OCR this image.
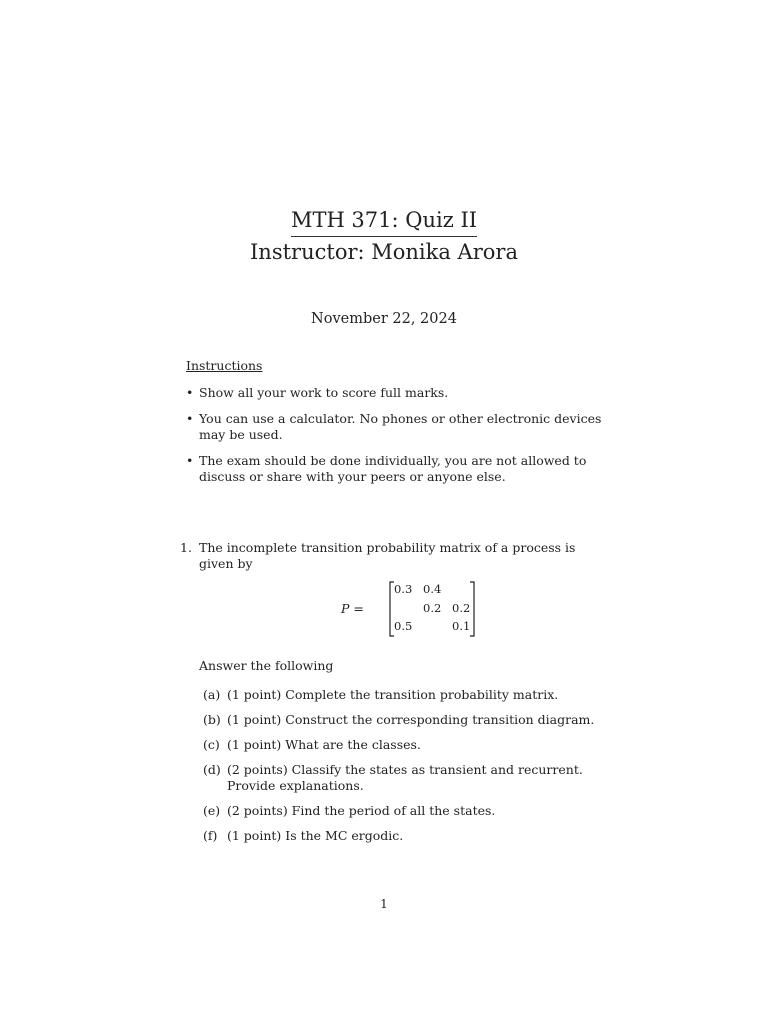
MTH 371: Quiz II
Instructor: Monika Arora
November 22, 2024
Instructions
• Show all your work to score full marks.
• You can use a calculator. No phones or other electronic devices may be used.
• The exam should be done individually, you are not allowed to discuss or share with your peers or anyone else.
1. The incomplete transition probability matrix of a process is given by
P =
0.3 0.4
0.2 0.2
0.5	0.1
Answer the following
(a) (1 point) Complete the transition probability matrix.
(b) (1 point) Construct the corresponding transition diagram.
(c) (1 point) What are the classes.
(d) (2 points) Classify the states as transient and recurrent. Provide explanations.
(e) (2 points) Find the period of all the states.
(f) (1 point) Is the MC ergodic.
1
